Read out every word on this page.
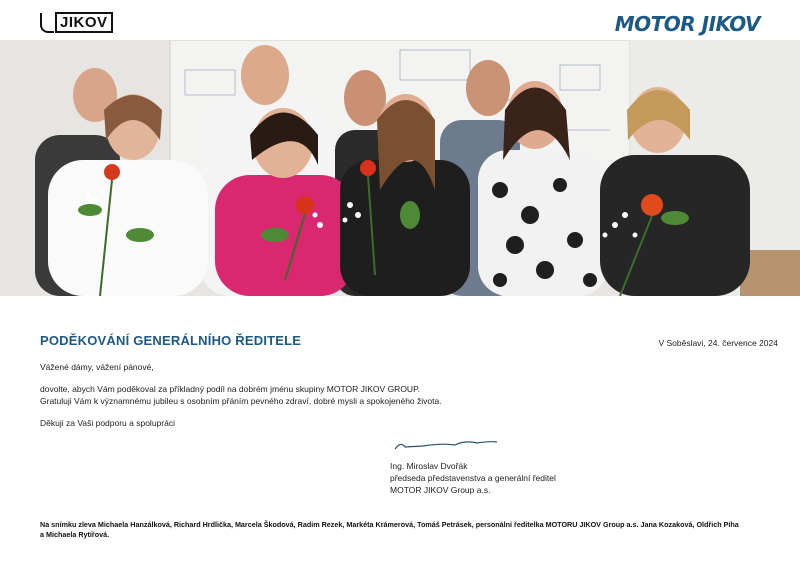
JIKOV	MOTOR JIKOV
PODĚKOVÁNÍ GENERÁLNÍHO ŘEDITELE	V Soběslavi, 24. července 2024
Vážené dámy, vážení pánové,
dovolte, abych Vám poděkoval za příkladný podíl na dobrém jménu skupiny MOTOR JIKOV GROUP.
Gratuluji Vám k významnému jubileu s osobním přáním pevného zdraví, dobré mysli a spokojeného života.
Děkuji za Vaši podporu a spolupráci
Ing. Miroslav Dvořák
předseda představenstva a generální ředitel
MOTOR JIKOV Group a.s.
Na snímku zleva Michaela Hanzálková, Richard Hrdlička, Marcela Škodová, Radim Rezek, Markéta Krámerová, Tomáš Petrásek, personální ředitelka MOTORU JIKOV Group a.s. Jana Kozaková, Oldřich Píha a Michaela Rytířová.
